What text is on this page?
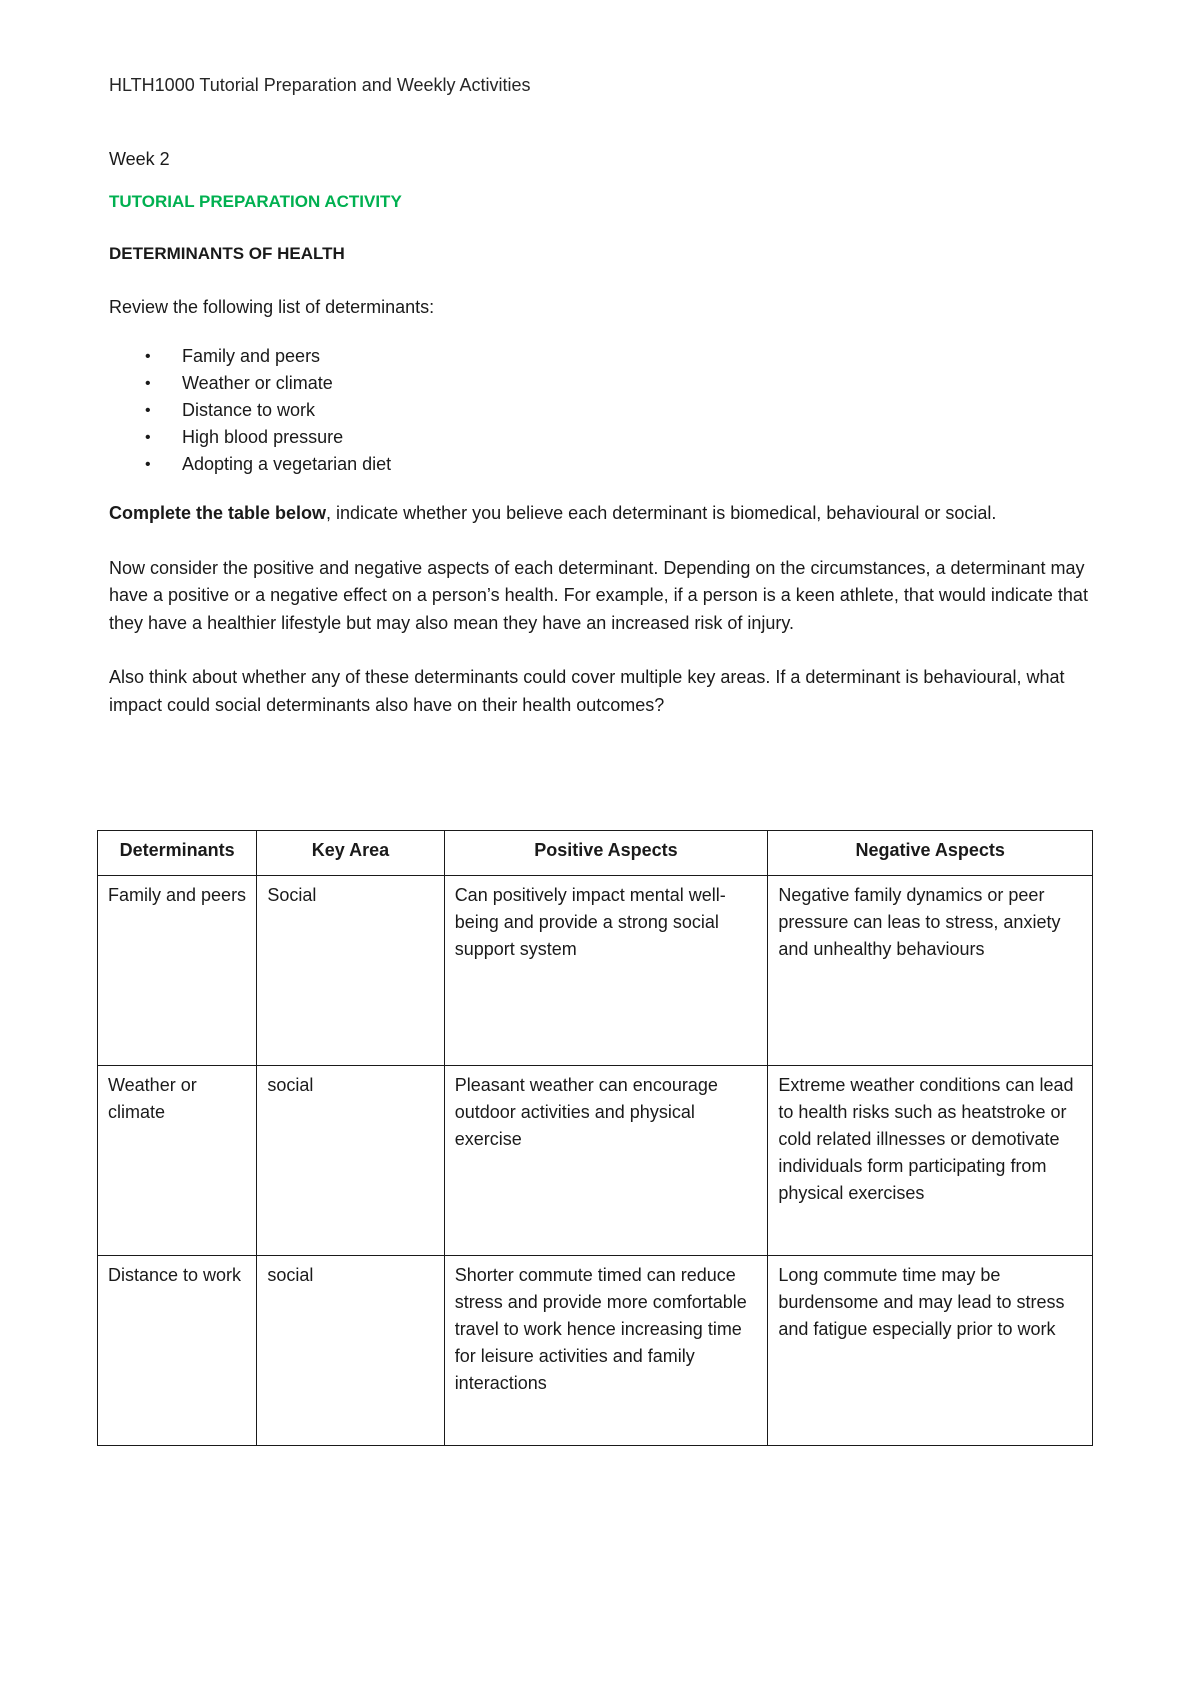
HLTH1000 Tutorial Preparation and Weekly Activities

Week 2

TUTORIAL PREPARATION ACTIVITY

DETERMINANTS OF HEALTH

Review the following list of determinants:

• Family and peers
• Weather or climate
• Distance to work
• High blood pressure
• Adopting a vegetarian diet

Complete the table below, indicate whether you believe each determinant is biomedical, behavioural or social.

Now consider the positive and negative aspects of each determinant. Depending on the circumstances, a determinant may have a positive or a negative effect on a person’s health. For example, if a person is a keen athlete, that would indicate that they have a healthier lifestyle but may also mean they have an increased risk of injury.

Also think about whether any of these determinants could cover multiple key areas. If a determinant is behavioural, what impact could social determinants also have on their health outcomes?

Determinants	Key Area	Positive Aspects	Negative Aspects
Family and peers	Social	Can positively impact mental well-being and provide a strong social support system	Negative family dynamics or peer pressure can leas to stress, anxiety and unhealthy behaviours
Weather or climate	social	Pleasant weather can encourage outdoor activities and physical exercise	Extreme weather conditions can lead to health risks such as heatstroke or cold related illnesses or demotivate individuals form participating from physical exercises
Distance to work	social	Shorter commute timed can reduce stress and provide more comfortable travel to work hence increasing time for leisure activities and family interactions	Long commute time may be burdensome and may lead to stress and fatigue especially prior to work
